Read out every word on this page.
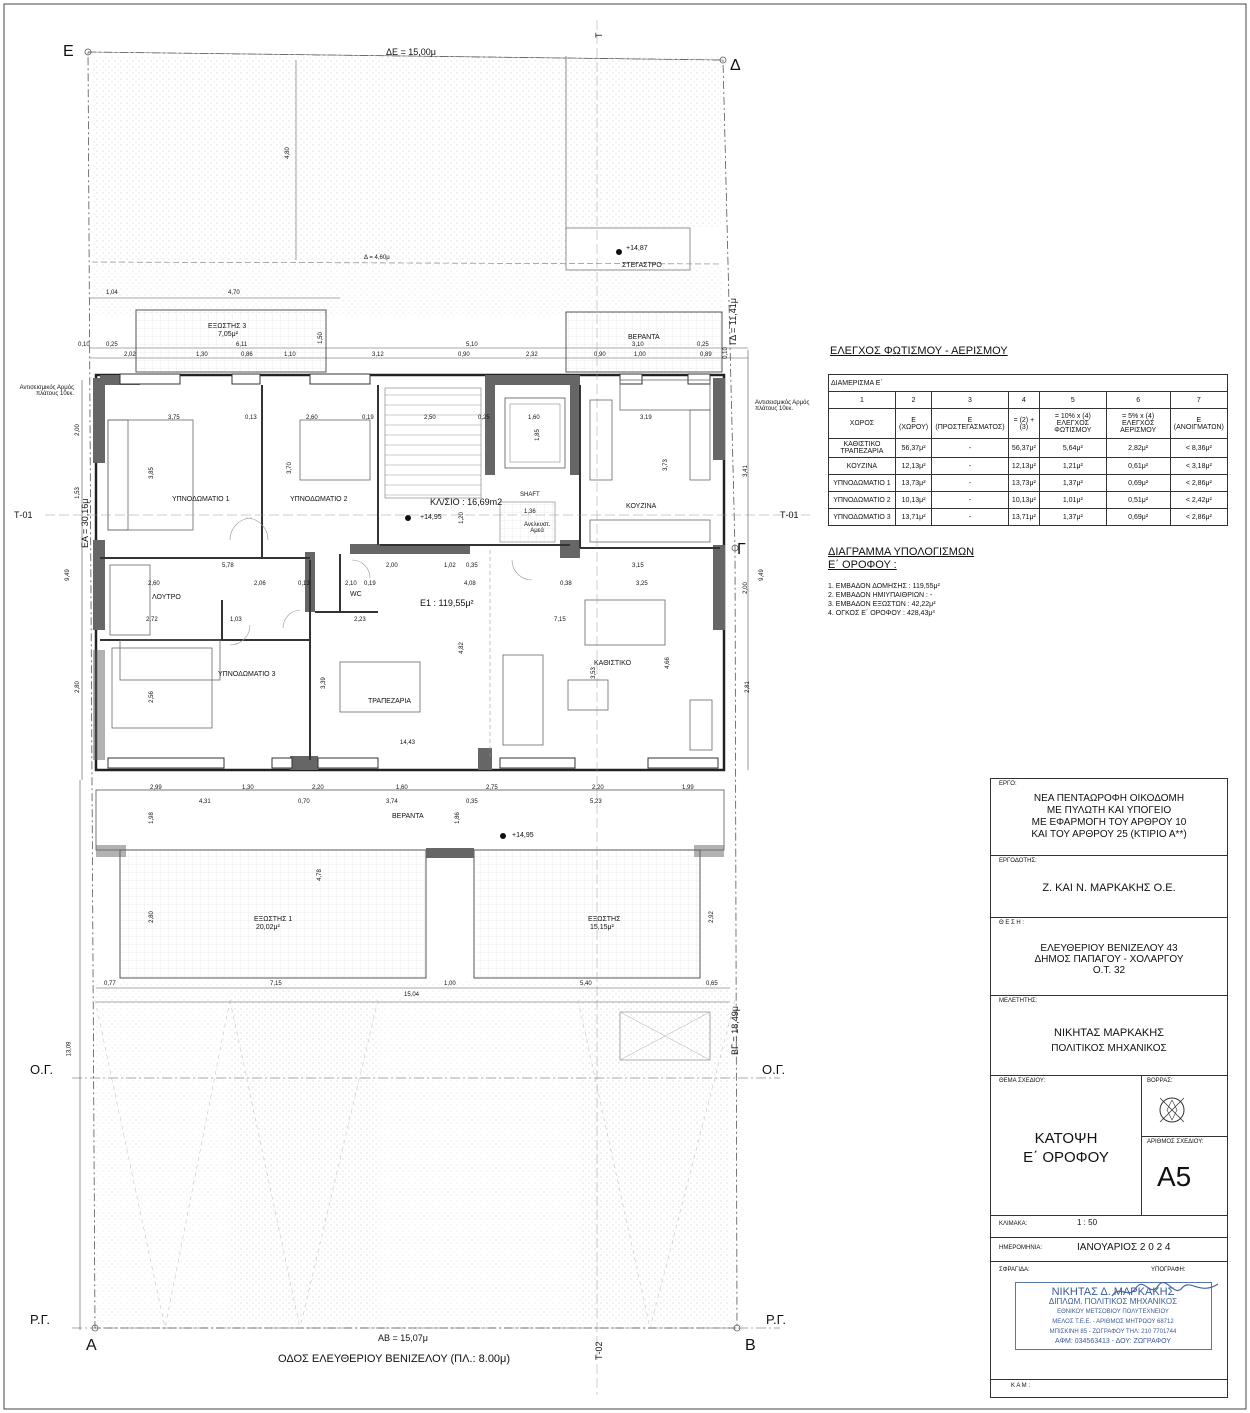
Ε
Δ
Γ
Α	Β
Τ-01	Τ-01
Τ-02
Τ
Ο.Γ.	Ο.Γ.
Ρ.Γ.	Ρ.Γ.
ΔΕ = 15,00μ
ΑΒ = 15,07μ
ΕΑ = 30,16μ
ΓΔ = 11,41μ
ΒΓ = 18,49μ
Δ = 4,60μ
ΟΔΟΣ ΕΛΕΥΘΕΡΙΟΥ ΒΕΝΙΖΕΛΟΥ (ΠΛ.: 8.00μ)
+14,87
ΣΤΕΓΑΣΤΡΟ
+14,95
+14,95
Αντισεισμικός Αρμός πλάτους 10εκ.
Αντισεισμικός Αρμός πλάτους 10εκ.
ΕΞΩΣΤΗΣ 3
7,05μ²	ΒΕΡΑΝΤΑ
ΥΠΝΟΔΩΜΑΤΙΟ 1	ΥΠΝΟΔΩΜΑΤΙΟ 2
ΥΠΝΟΔΩΜΑΤΙΟ 3
ΚΛ/ΣΙΟ : 16,69m2
SHAFT
Ανελκυστ. Αμεά
ΚΟΥΖΙΝΑ
ΛΟΥΤΡΟ	WC
Ε1 : 119,55μ²
ΚΑΘΙΣΤΙΚΟ
ΤΡΑΠΕΖΑΡΙΑ
ΒΕΡΑΝΤΑ
ΕΞΩΣΤΗΣ 1
20,02μ²
ΕΞΩΣΤΗΣ
15,15μ²
4,80
1,04	4,70
0,10	0,25	6,11
1,50
5,10	3,10	0,25
0,10
2,02	1,30	0,86	1,10	3,12	0,90	2,32	0,90	1,00	0,89
3,75	0,13	2,60	0,19	2,50	0,25	1,60	3,19
3,85	3,70
1,85
3,73
1,20
1,36
3,41
2,00
1,53
9,49	9,49
2,00
2,60
5,78
2,06	0,13	2,10 0,19
2,00	1,02 0,35
4,08	0,38
3,15
3,25
2,72	1,03	2,23	7,15
4,82
3,53
4,66
2,56
3,39
2,80	2,81
14,43
2,99	1,30	2,20	1,60	2,75	2,20	1,99
4,31	0,70	3,74	0,35	5,23
1,98	1,86
4,78
2,80	2,92
0,77	7,15	1,00	5,40	0,65
15,04
13,09
ΕΛΕΓΧΟΣ ΦΩΤΙΣΜΟΥ - ΑΕΡΙΣΜΟΥ
ΔΙΑΜΕΡΙΣΜΑ Ε΄						
1	2	3	4	5	6	7
ΧΩΡΟΣ	Ε (ΧΩΡΟΥ)	Ε (ΠΡΟΣΤΕΓΑΣΜΑΤΟΣ)	= (2) + (3)	= 10% x (4) ΕΛΕΓΧΟΣ ΦΩΤΙΣΜΟΥ	= 5% x (4) ΕΛΕΓΧΟΣ ΑΕΡΙΣΜΟΥ	Ε (ΑΝΟΙΓΜΑΤΩΝ)
ΚΑΘΙΣΤΙΚΟ ΤΡΑΠΕΖΑΡΙΑ	56,37μ²	-	56,37μ²	5,64μ²	2,82μ²	< 8,36μ²
ΚΟΥΖΙΝΑ	12,13μ²	-	12,13μ²	1,21μ²	0,61μ²	< 3,18μ²
ΥΠΝΟΔΩΜΑΤΙΟ 1	13,73μ²	-	13,73μ²	1,37μ²	0,69μ²	< 2,86μ²
ΥΠΝΟΔΩΜΑΤΙΟ 2	10,13μ²	-	10,13μ²	1,01μ²	0,51μ²	< 2,42μ²
ΥΠΝΟΔΩΜΑΤΙΟ 3	13,71μ²	-	13,71μ²	1,37μ²	0,69μ²	< 2,86μ²
ΔΙΑΓΡΑΜΜΑ ΥΠΟΛΟΓΙΣΜΩΝ
Ε΄ ΟΡΟΦΟΥ :
1. ΕΜΒΑΔΟΝ ΔΟΜΗΣΗΣ : 119,55μ²
2. ΕΜΒΑΔΟΝ ΗΜΙΥΠΑΙΘΡΙΩΝ : -
3. ΕΜΒΑΔΟΝ ΕΞΩΣΤΩΝ : 42,22μ²
4. ΟΓΚΟΣ Ε΄ ΟΡΟΦΟΥ : 428,43μ³
ΕΡΓΟ:
ΝΕΑ ΠΕΝΤΑΩΡΟΦΗ ΟΙΚΟΔΟΜΗ
ΜΕ ΠΥΛΩΤΗ ΚΑΙ ΥΠΟΓΕΙΟ
ΜΕ ΕΦΑΡΜΟΓΗ ΤΟΥ ΑΡΘΡΟΥ 10
ΚΑΙ ΤΟΥ ΑΡΘΡΟΥ 25 (ΚΤΙΡΙΟ Α**)
ΕΡΓΟΔΟΤΗΣ:
Ζ. ΚΑΙ Ν. ΜΑΡΚΑΚΗΣ Ο.Ε.
Θ Ε Σ Η :
ΕΛΕΥΘΕΡΙΟΥ ΒΕΝΙΖΕΛΟΥ 43
ΔΗΜΟΣ ΠΑΠΑΓΟΥ - ΧΟΛΑΡΓΟΥ
Ο.Τ. 32
ΜΕΛΕΤΗΤΗΣ:
ΝΙΚΗΤΑΣ ΜΑΡΚΑΚΗΣ
ΠΟΛΙΤΙΚΟΣ ΜΗΧΑΝΙΚΟΣ
ΘΕΜΑ ΣΧΕΔΙΟΥ:	ΒΟΡΡΑΣ:
ΚΑΤΟΨΗ
Ε΄ ΟΡΟΦΟΥ
ΑΡΙΘΜΟΣ ΣΧΕΔΙΟΥ:
Α5
ΚΛΙΜΑΚΑ:	1 : 50
ΗΜΕΡΟΜΗΝΙΑ:	ΙΑΝΟΥΑΡΙΟΣ 2 0 2 4
ΣΦΡΑΓΙΔΑ:	ΥΠΟΓΡΑΦΗ:
Κ Α Μ :
ΝΙΚΗΤΑΣ Δ. ΜΑΡΚΑΚΗΣ
ΔΙΠΛΩΜ. ΠΟΛΙΤΙΚΟΣ ΜΗΧΑΝΙΚΟΣ
ΕΘΝΙΚΟΥ ΜΕΤΣΟΒΙΟΥ ΠΟΛΥΤΕΧΝΕΙΟΥ
ΜΕΛΟΣ Τ.Ε.Ε. - ΑΡΙΘΜΟΣ ΜΗΤΡΩΟΥ 68712
ΜΠΙΣΚΙΝΗ 85 - ΖΩΓΡΑΦΟΥ ΤΗΛ: 210 7701744
ΑΦΜ: 034563413 - ΔΟΥ: ΖΩΓΡΑΦΟΥ
